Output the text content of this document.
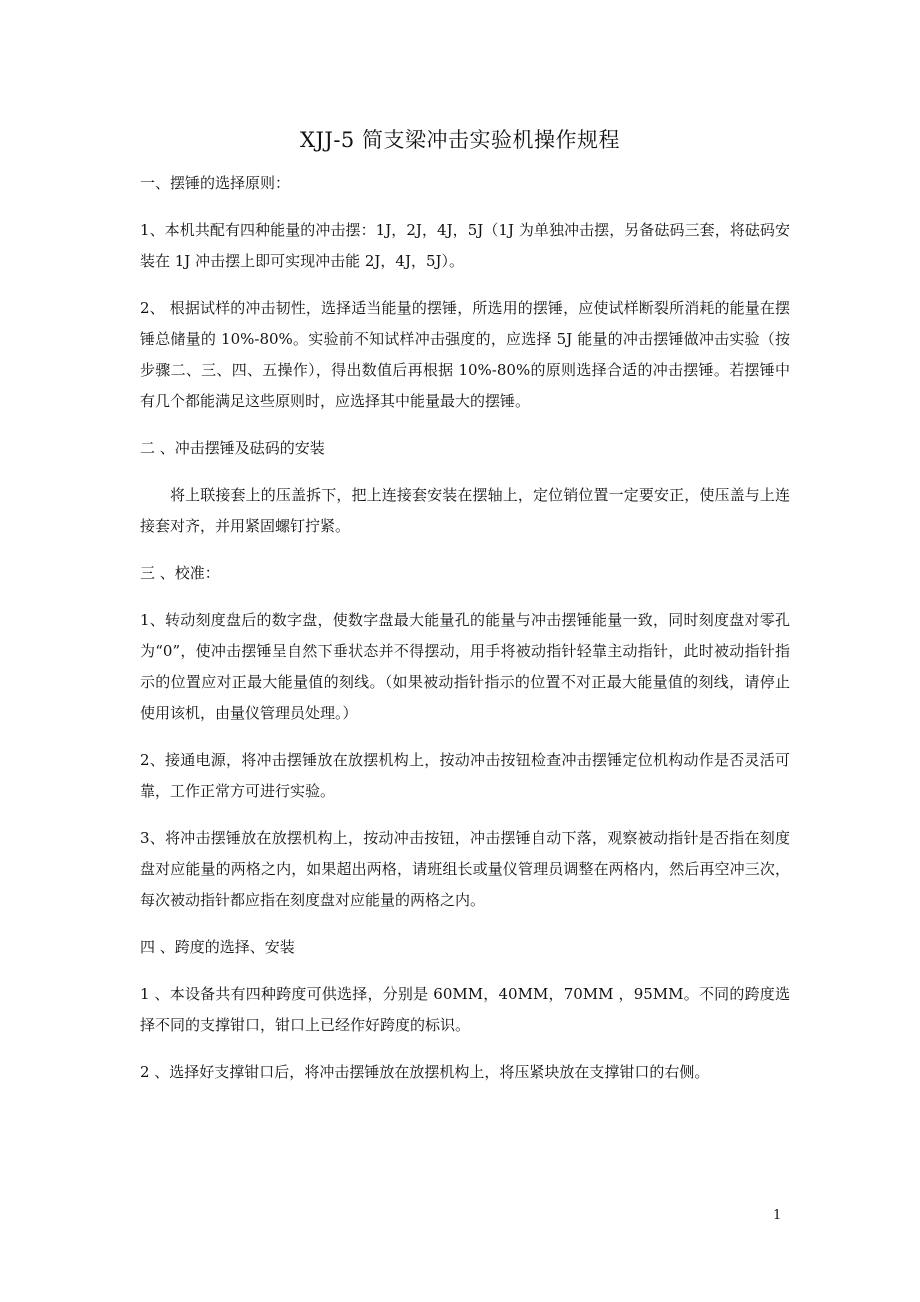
XJJ-5 简支梁冲击实验机操作规程

一、摆锤的选择原则：

1、本机共配有四种能量的冲击摆：1J，2J，4J，5J（1J 为单独冲击摆，另备砝码三套，将砝码安装在 1J 冲击摆上即可实现冲击能 2J，4J，5J）。

2、 根据试样的冲击韧性，选择适当能量的摆锤，所选用的摆锤，应使试样断裂所消耗的能量在摆锤总储量的 10%-80%。实验前不知试样冲击强度的，应选择 5J 能量的冲击摆锤做冲击实验（按步骤二、三、四、五操作），得出数值后再根据 10%-80%的原则选择合适的冲击摆锤。若摆锤中有几个都能满足这些原则时，应选择其中能量最大的摆锤。

二 、冲击摆锤及砝码的安装

将上联接套上的压盖拆下，把上连接套安装在摆轴上，定位销位置一定要安正，使压盖与上连接套对齐，并用紧固螺钉拧紧。

三 、校准：

1、转动刻度盘后的数字盘，使数字盘最大能量孔的能量与冲击摆锤能量一致，同时刻度盘对零孔为“0”，使冲击摆锤呈自然下垂状态并不得摆动，用手将被动指针轻靠主动指针，此时被动指针指示的位置应对正最大能量值的刻线。（如果被动指针指示的位置不对正最大能量值的刻线，请停止使用该机，由量仪管理员处理。）

2、接通电源，将冲击摆锤放在放摆机构上，按动冲击按钮检查冲击摆锤定位机构动作是否灵活可靠，工作正常方可进行实验。

3、将冲击摆锤放在放摆机构上，按动冲击按钮，冲击摆锤自动下落，观察被动指针是否指在刻度盘对应能量的两格之内，如果超出两格，请班组长或量仪管理员调整在两格内，然后再空冲三次，每次被动指针都应指在刻度盘对应能量的两格之内。

四 、跨度的选择、安装

1 、本设备共有四种跨度可供选择，分别是 60MM，40MM，70MM ，95MM。不同的跨度选择不同的支撑钳口，钳口上已经作好跨度的标识。

2 、选择好支撑钳口后，将冲击摆锤放在放摆机构上，将压紧块放在支撑钳口的右侧。

1
